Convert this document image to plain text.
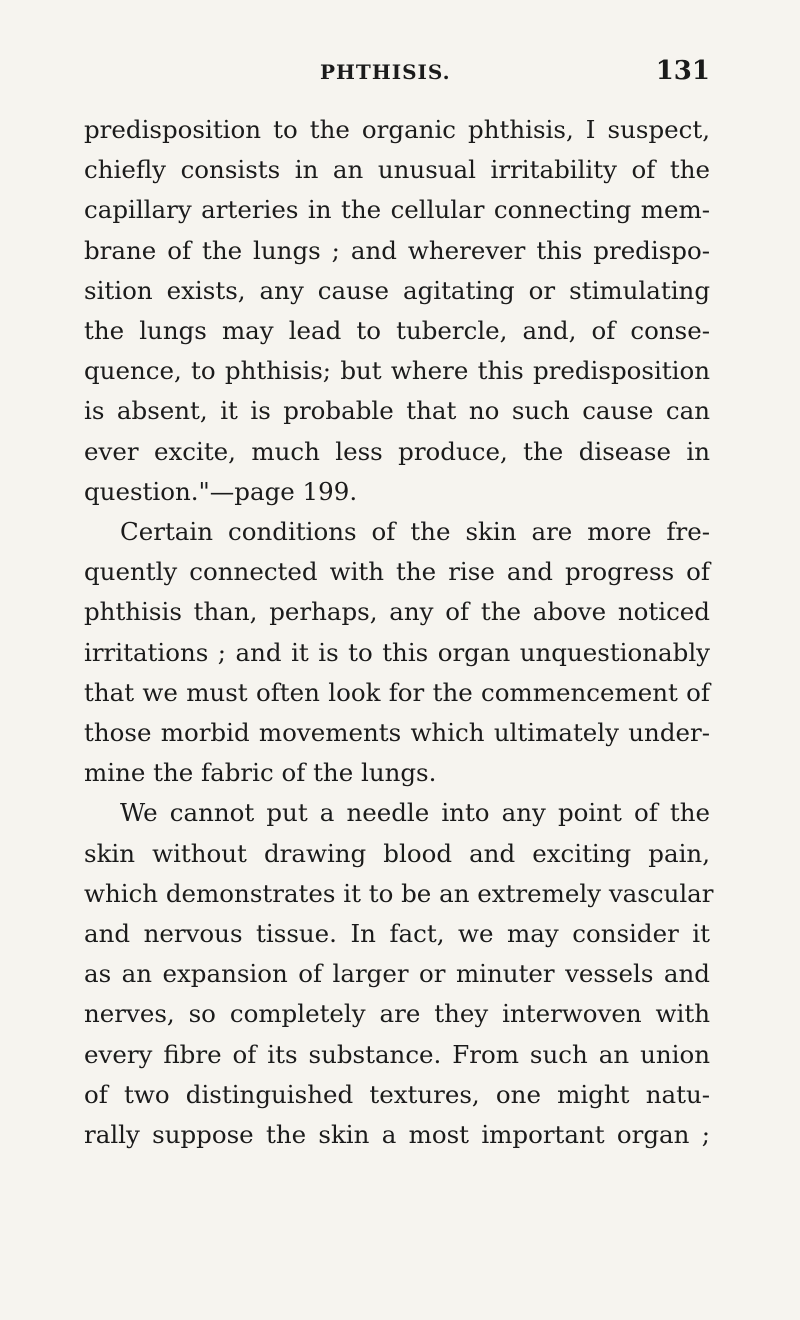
PHTHISIS.	131
predisposition to the organic phthisis, I suspect,
chiefly consists in an unusual irritability of the
capillary arteries in the cellular connecting mem-
brane of the lungs ; and wherever this predispo-
sition exists, any cause agitating or stimulating
the lungs may lead to tubercle, and, of conse-
quence, to phthisis; but where this predisposition
is absent, it is probable that no such cause can
ever excite, much less produce, the disease in
question."—page 199.
Certain conditions of the skin are more fre-
quently connected with the rise and progress of
phthisis than, perhaps, any of the above noticed
irritations ; and it is to this organ unquestionably
that we must often look for the commencement of
those morbid movements which ultimately under-
mine the fabric of the lungs.
We cannot put a needle into any point of the
skin without drawing blood and exciting pain,
which demonstrates it to be an extremely vascular
and nervous tissue. In fact, we may consider it
as an expansion of larger or minuter vessels and
nerves, so completely are they interwoven with
every fibre of its substance. From such an union
of two distinguished textures, one might natu-
rally suppose the skin a most important organ ;
